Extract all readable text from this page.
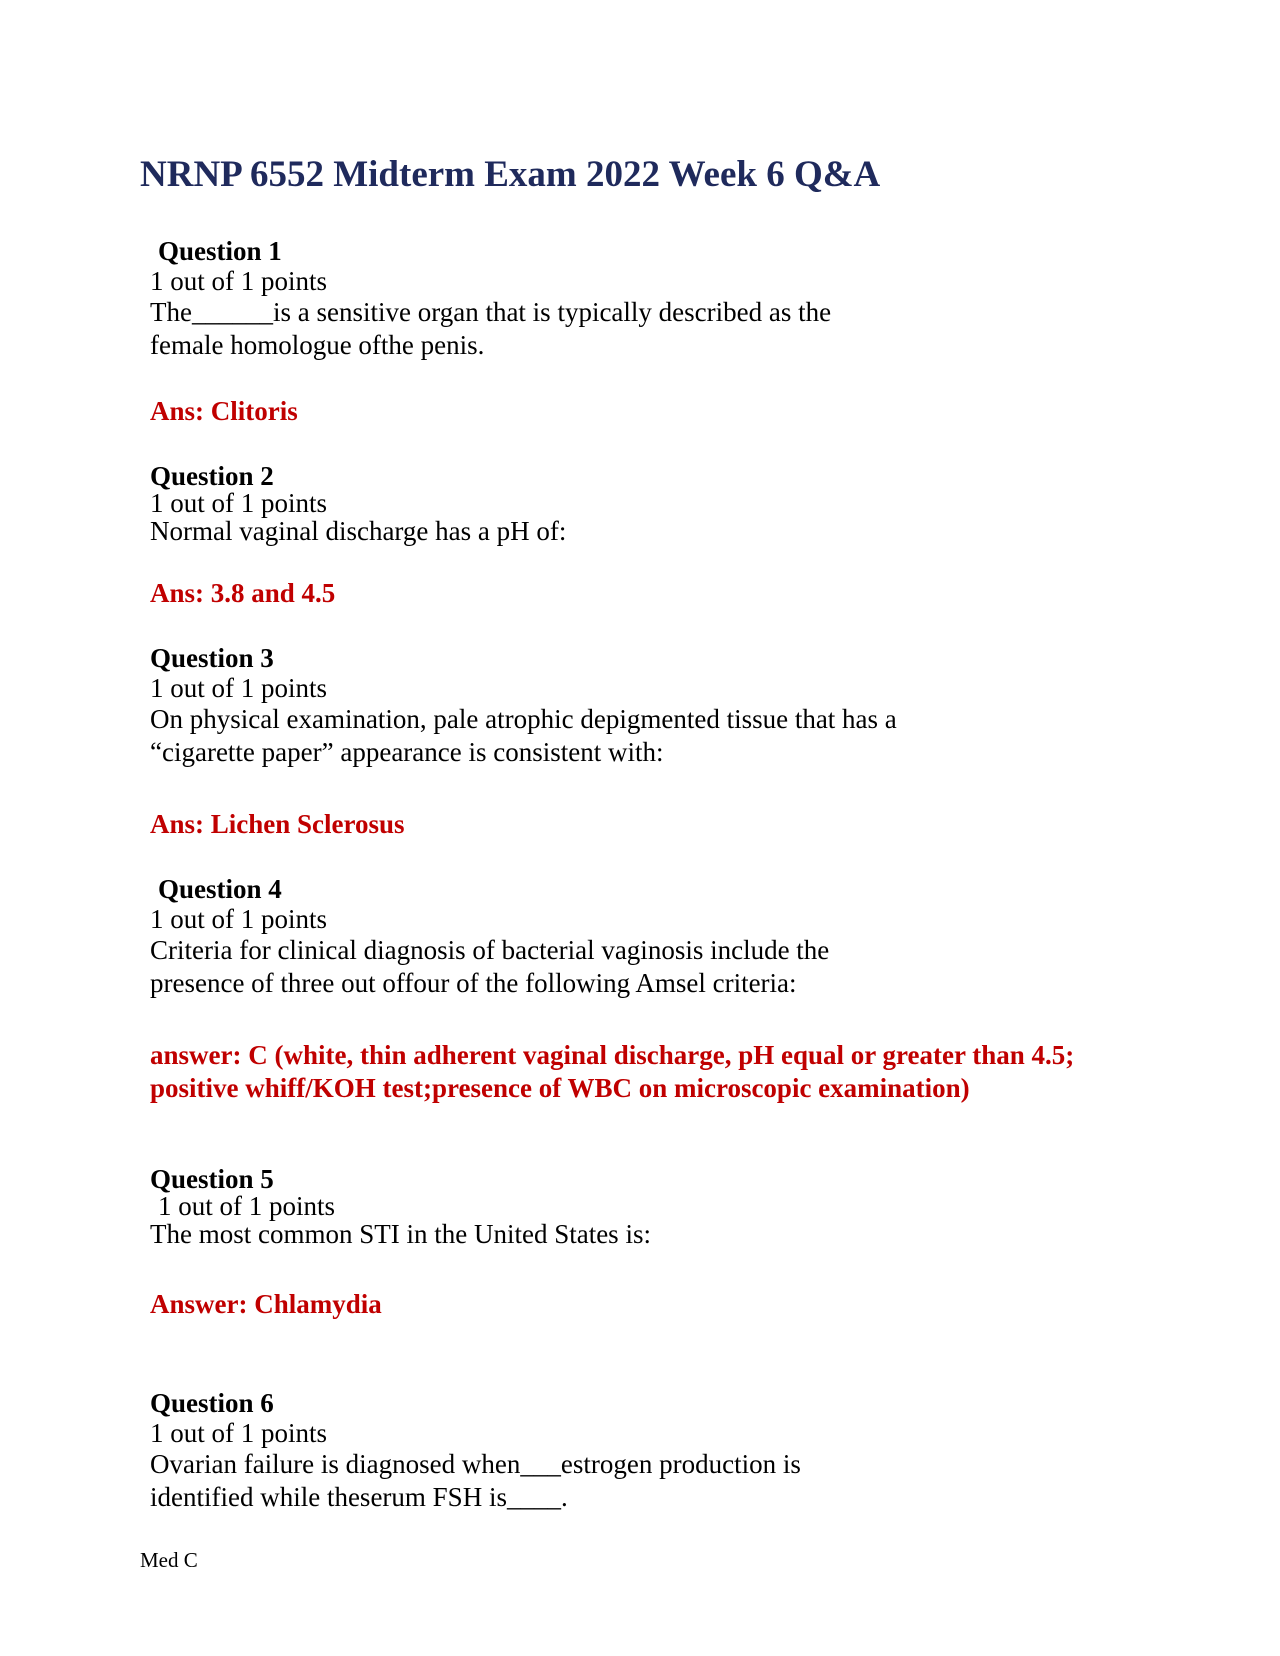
NRNP 6552 Midterm Exam 2022 Week 6 Q&A
Question 1
1 out of 1 points
The______is a sensitive organ that is typically described as the female homologue ofthe penis.
Ans: Clitoris
Question 2
1 out of 1 points
Normal vaginal discharge has a pH of:
Ans: 3.8 and 4.5
Question 3
1 out of 1 points
On physical examination, pale atrophic depigmented tissue that has a “cigarette paper” appearance is consistent with:
Ans: Lichen Sclerosus
Question 4
1 out of 1 points
Criteria for clinical diagnosis of bacterial vaginosis include the presence of three out offour of the following Amsel criteria:
answer: C (white, thin adherent vaginal discharge, pH equal or greater than 4.5; positive whiff/KOH test;presence of WBC on microscopic examination)
Question 5
1 out of 1 points
The most common STI in the United States is:
Answer: Chlamydia
Question 6
1 out of 1 points
Ovarian failure is diagnosed when___estrogen production is identified while theserum FSH is____.
Med C
